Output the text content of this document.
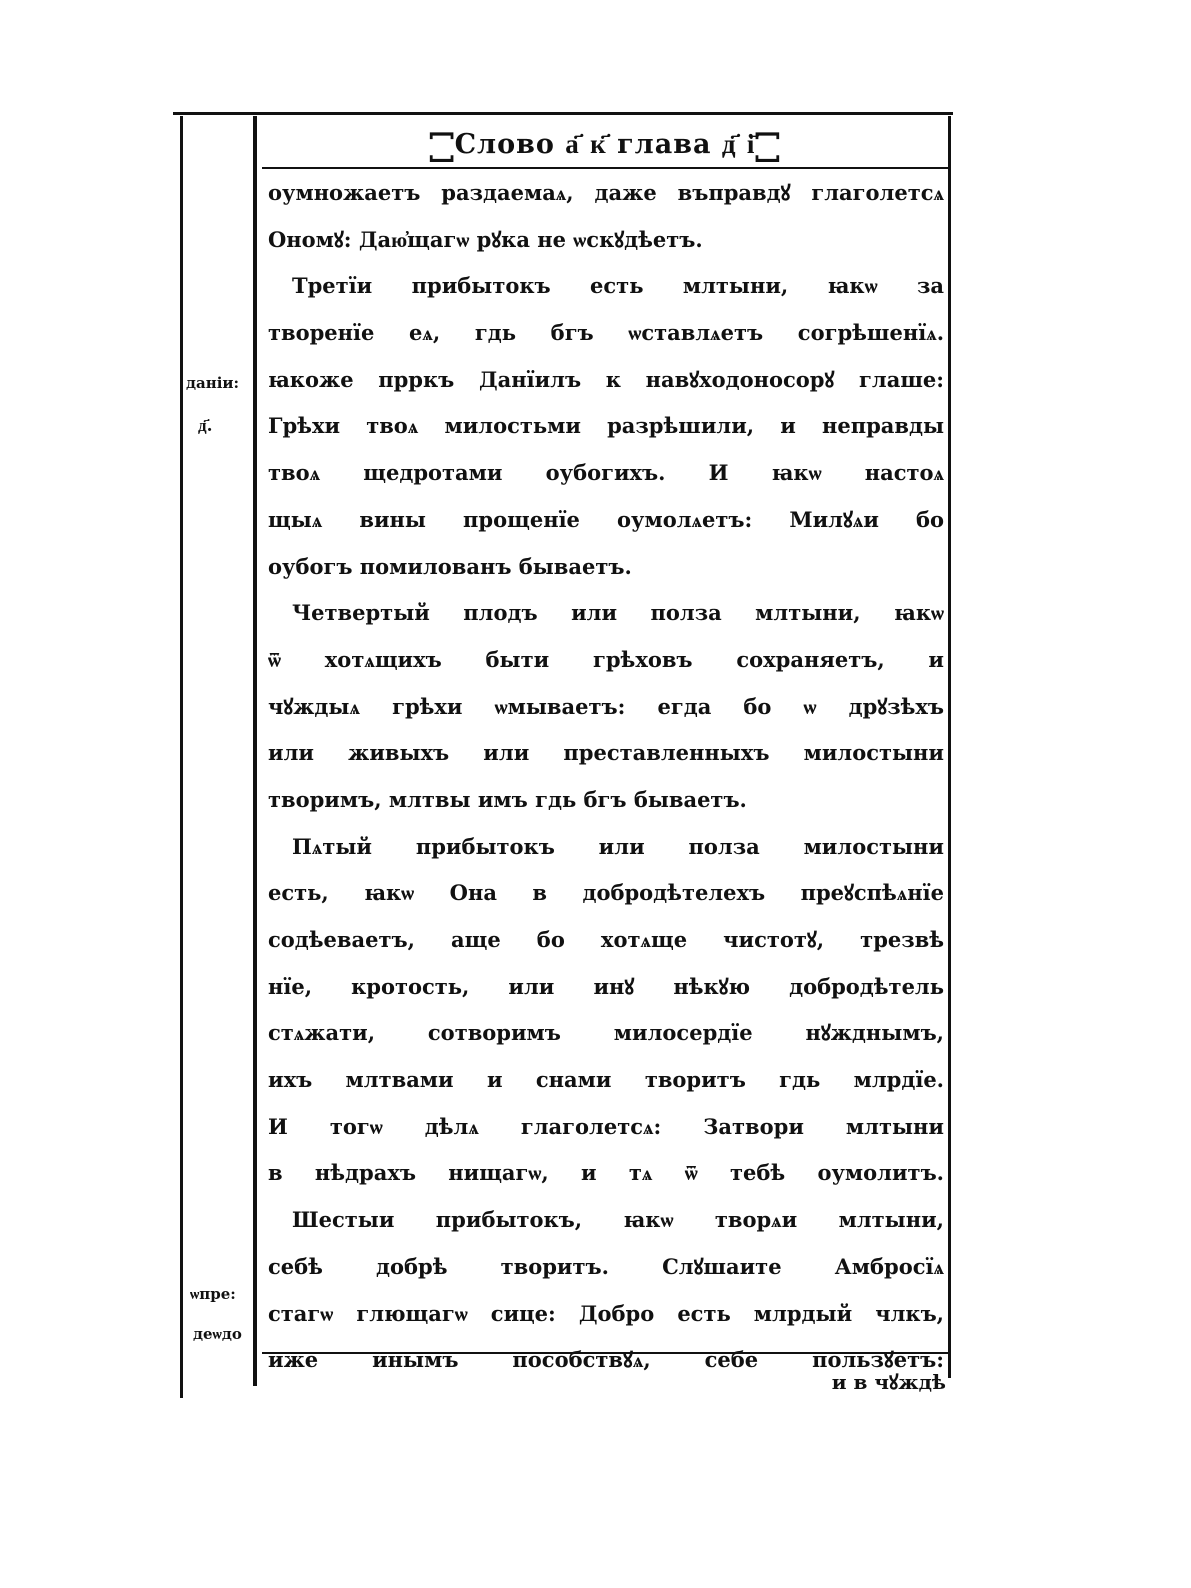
꙱ Слово а҃ к҃ глава д҃ і҃ ꙱
оумножаетъ раздаемаѧ, даже въправдꙋ глаголетсѧ
Ономꙋ: Даю҆щагѡ рꙋка не ѡскꙋдѣетъ.
Третїи прибытокъ есть млтыни, ꙗкѡ за
творенїе еѧ, гдь бгъ ѡставлѧетъ согрѣшенїѧ.
ꙗкоже прркъ Данїилъ к навꙋходоносорꙋ глаше:
Грѣхи твоѧ милостьми разрѣшили, и неправды
твоѧ щедротами оубогихъ. И ꙗкѡ настоѧ
щыѧ вины прощенїе оумолѧетъ: Милꙋѧи бо
оубогъ помилованъ бываетъ.
Четвертый плодъ или полза млтыни, ꙗкѡ
ѿ хотѧщихъ быти грѣховъ сохраняетъ, и
чꙋждыѧ грѣхи ѡмываетъ: егда бо ѡ дрꙋзѣхъ
или живыхъ или преставленныхъ милостыни
творимъ, млтвы имъ гдь бгъ бываетъ.
Пѧтый прибытокъ или полза милостыни
есть, ꙗкѡ Она в добродѣтелехъ преꙋспѣѧнїе
содѣеваетъ, аще бо хотѧще чистотꙋ, трезвѣ
нїе, кротость, или инꙋ нѣкꙋю добродѣтель
стѧжати, сотворимъ милосердїе нꙋжднымъ,
ихъ млтвами и снами творитъ гдь млрдїе.
И тогѡ дѣлѧ глаголетсѧ: Затвори млтыни
в нѣдрахъ нищагѡ, и тѧ ѿ тебѣ оумолитъ.
Шестыи прибытокъ, ꙗкѡ творѧи млтыни,
себѣ добрѣ творитъ. Слꙋшаите Амбросїѧ
стагѡ глющагѡ сице: Добро есть млрдый члкъ,
иже инымъ пособствꙋѧ, себе пользꙋетъ:
даніи:
д҃.
ѡпре:
деѡдо
и в чꙋждѣ
